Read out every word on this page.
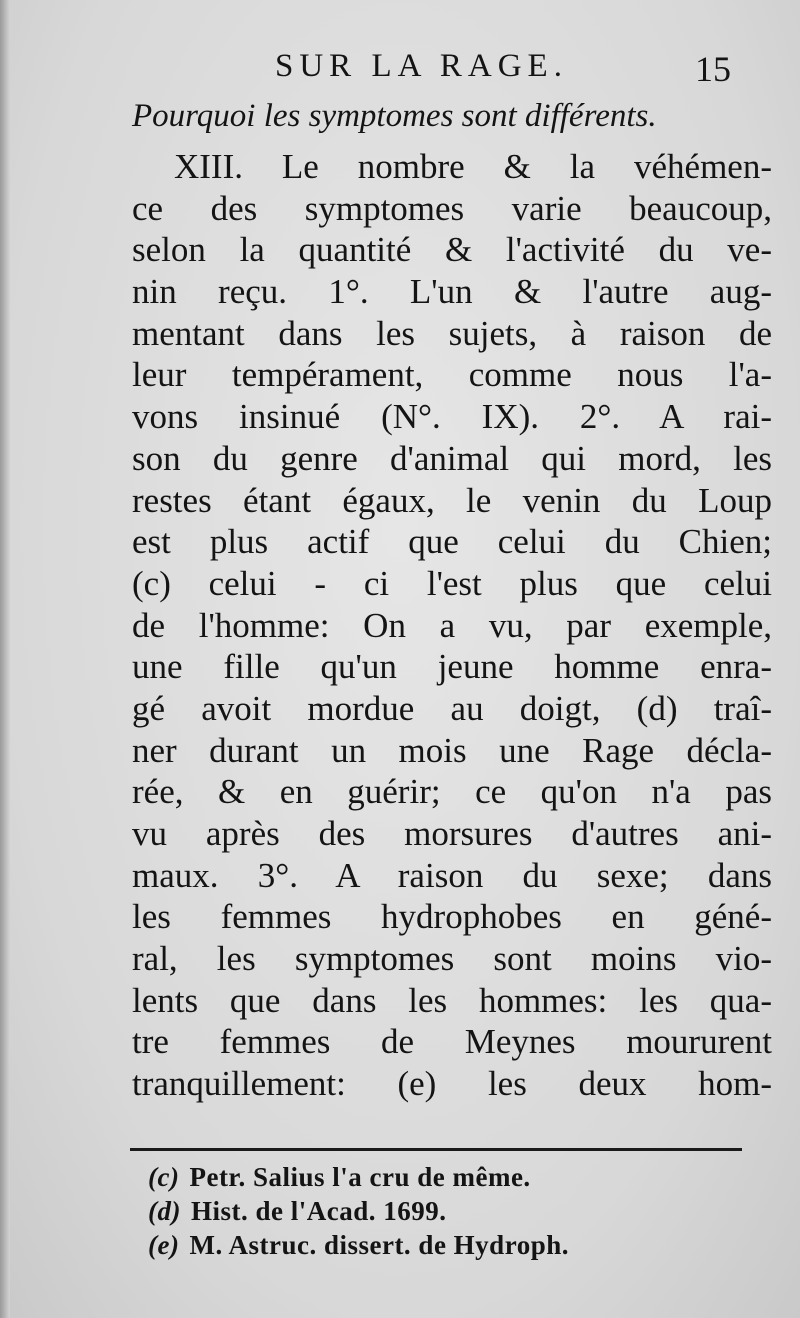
SUR LA RAGE.	15
Pourquoi les symptomes sont différents.
XIII. Le nombre & la véhémen-
ce des symptomes varie beaucoup,
selon la quantité & l'activité du ve-
nin reçu. 1°. L'un & l'autre aug-
mentant dans les sujets, à raison de
leur tempérament, comme nous l'a-
vons insinué (N°. IX). 2°. A rai-
son du genre d'animal qui mord, les
restes étant égaux, le venin du Loup
est plus actif que celui du Chien;
(c) celui - ci l'est plus que celui
de l'homme: On a vu, par exemple,
une fille qu'un jeune homme enra-
gé avoit mordue au doigt, (d) traî-
ner durant un mois une Rage décla-
rée, & en guérir; ce qu'on n'a pas
vu après des morsures d'autres ani-
maux. 3°. A raison du sexe; dans
les femmes hydrophobes en géné-
ral, les symptomes sont moins vio-
lents que dans les hommes: les qua-
tre femmes de Meynes moururent
tranquillement: (e) les deux hom-
(c) Petr. Salius l'a cru de même.
(d) Hist. de l'Acad. 1699.
(e) M. Astruc. dissert. de Hydroph.
